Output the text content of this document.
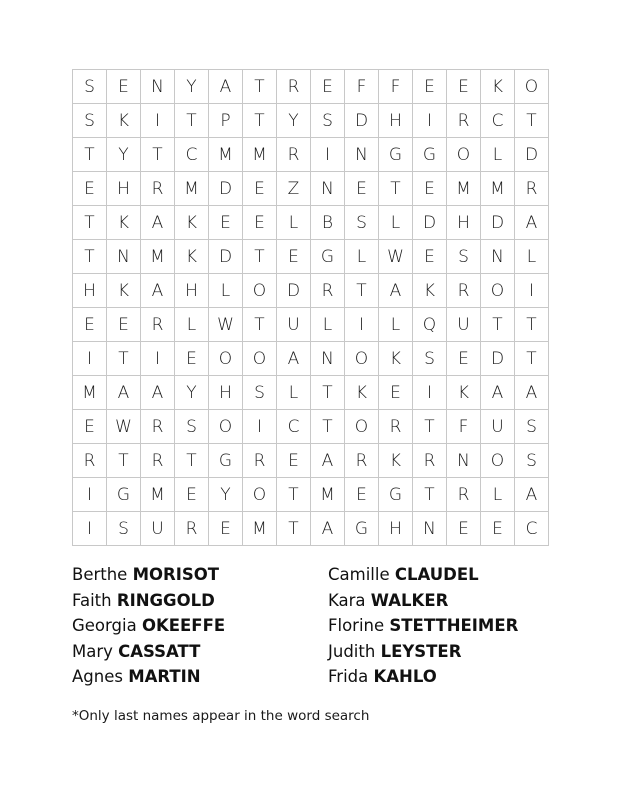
S	E	N	Y	A	T	R	E	F	F	E	E	K	O
S	K	I	T	P	T	Y	S	D	H	I	R	C	T
T	Y	T	C	M	M	R	I	N	G	G	O	L	D
E	H	R	M	D	E	Z	N	E	T	E	M	M	R
T	K	A	K	E	E	L	B	S	L	D	H	D	A
T	N	M	K	D	T	E	G	L	W	E	S	N	L
H	K	A	H	L	O	D	R	T	A	K	R	O	I
E	E	R	L	W	T	U	L	I	L	Q	U	T	T
I	T	I	E	O	O	A	N	O	K	S	E	D	T
M	A	A	Y	H	S	L	T	K	E	I	K	A	A
E	W	R	S	O	I	C	T	O	R	T	F	U	S
R	T	R	T	G	R	E	A	R	K	R	N	O	S
I	G	M	E	Y	O	T	M	E	G	T	R	L	A
I	S	U	R	E	M	T	A	G	H	N	E	E	C
Berthe MORISOT
Faith RINGGOLD
Georgia OKEEFFE
Mary CASSATT
Agnes MARTIN
Camille CLAUDEL
Kara WALKER
Florine STETTHEIMER
Judith LEYSTER
Frida KAHLO
*Only last names appear in the word search
